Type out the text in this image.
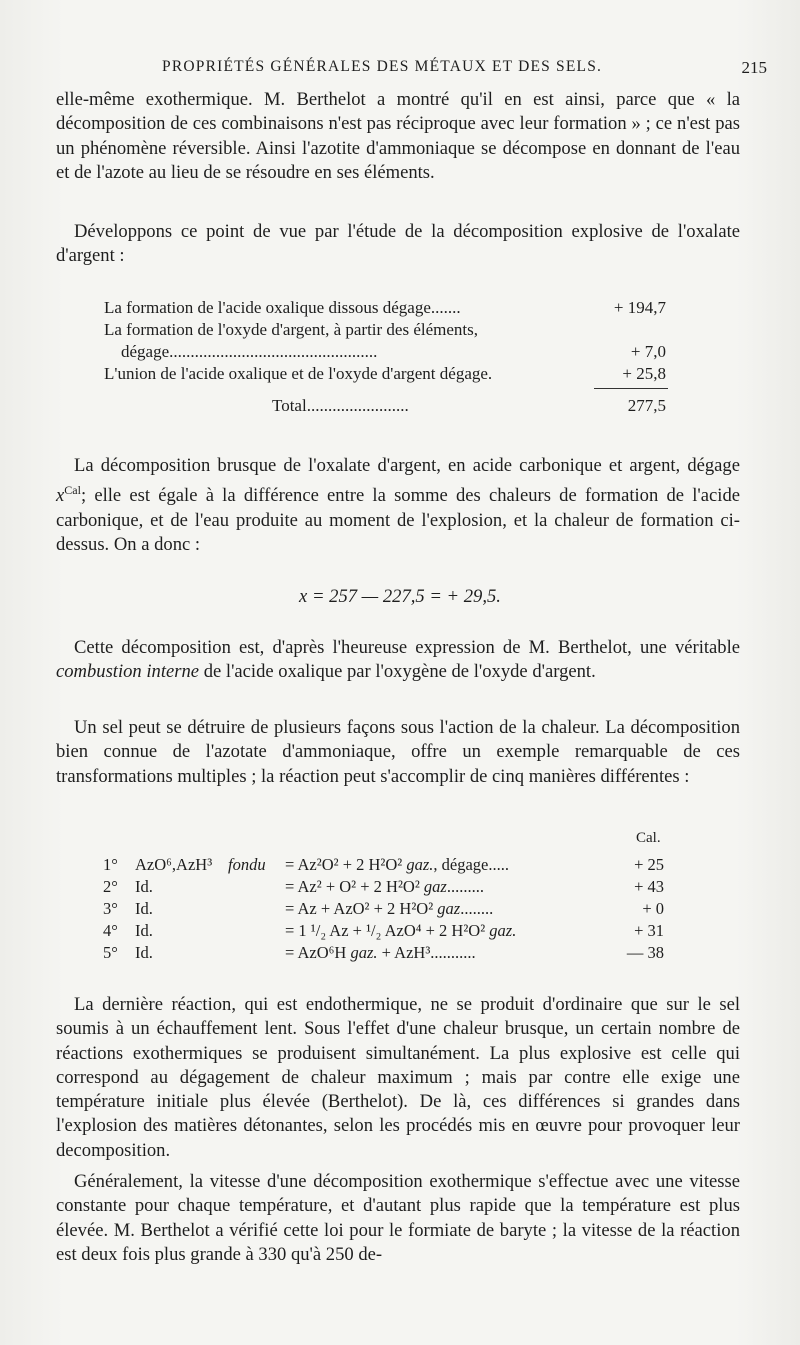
PROPRIÉTÉS GÉNÉRALES DES MÉTAUX ET DES SELS.	215
elle-même exothermique. M. Berthelot a montré qu'il en est ainsi, parce que « la décomposition de ces combinaisons n'est pas réciproque avec leur formation » ; ce n'est pas un phénomène réversible. Ainsi l'azotite d'ammoniaque se décompose en donnant de l'eau et de l'azote au lieu de se résoudre en ses éléments.
Développons ce point de vue par l'étude de la décomposition explosive de l'oxalate d'argent :
La formation de l'acide oxalique dissous dégage.......	+ 194,7
La formation de l'oxyde d'argent, à partir des éléments,
dégage.................................................	+ 7,0
L'union de l'acide oxalique et de l'oxyde d'argent dégage.	+ 25,8
Total........................	277,5
La décomposition brusque de l'oxalate d'argent, en acide carbonique et argent, dégage $x^{Cal}$; elle est égale à la différence entre la somme des chaleurs de formation de l'acide carbonique, et de l'eau produite au moment de l'explosion, et la chaleur de formation ci-dessus. On a donc :
x = 257 — 227,5 = + 29,5.
Cette décomposition est, d'après l'heureuse expression de M. Berthelot, une véritable combustion interne de l'acide oxalique par l'oxygène de l'oxyde d'argent.
Un sel peut se détruire de plusieurs façons sous l'action de la chaleur. La décomposition bien connue de l'azotate d'ammoniaque, offre un exemple remarquable de ces transformations multiples ; la réaction peut s'accomplir de cinq manières différentes :
Cal.
1° AzO⁶,AzH³ fondu = Az²O² + 2 H²O² gaz., dégage.....	+ 25
2° Id.	= Az² + O² + 2 H²O² gaz.........	+ 43
3° Id.	= Az + AzO² + 2 H²O² gaz........	+ 0
4° Id.	= 1 ¹/₂ Az + ¹/₂ AzO⁴ + 2 H²O² gaz.	+ 31
5° Id.	= AzO⁶H gaz. + AzH³...........	— 38
La dernière réaction, qui est endothermique, ne se produit d'ordinaire que sur le sel soumis à un échauffement lent. Sous l'effet d'une chaleur brusque, un certain nombre de réactions exothermiques se produisent simultanément. La plus explosive est celle qui correspond au dégagement de chaleur maximum ; mais par contre elle exige une température initiale plus élevée (Berthelot). De là, ces différences si grandes dans l'explosion des matières détonantes, selon les procédés mis en œuvre pour provoquer leur decomposition.
Généralement, la vitesse d'une décomposition exothermique s'effectue avec une vitesse constante pour chaque température, et d'autant plus rapide que la température est plus élevée. M. Berthelot a vérifié cette loi pour le formiate de baryte ; la vitesse de la réaction est deux fois plus grande à 330 qu'à 250 de-
